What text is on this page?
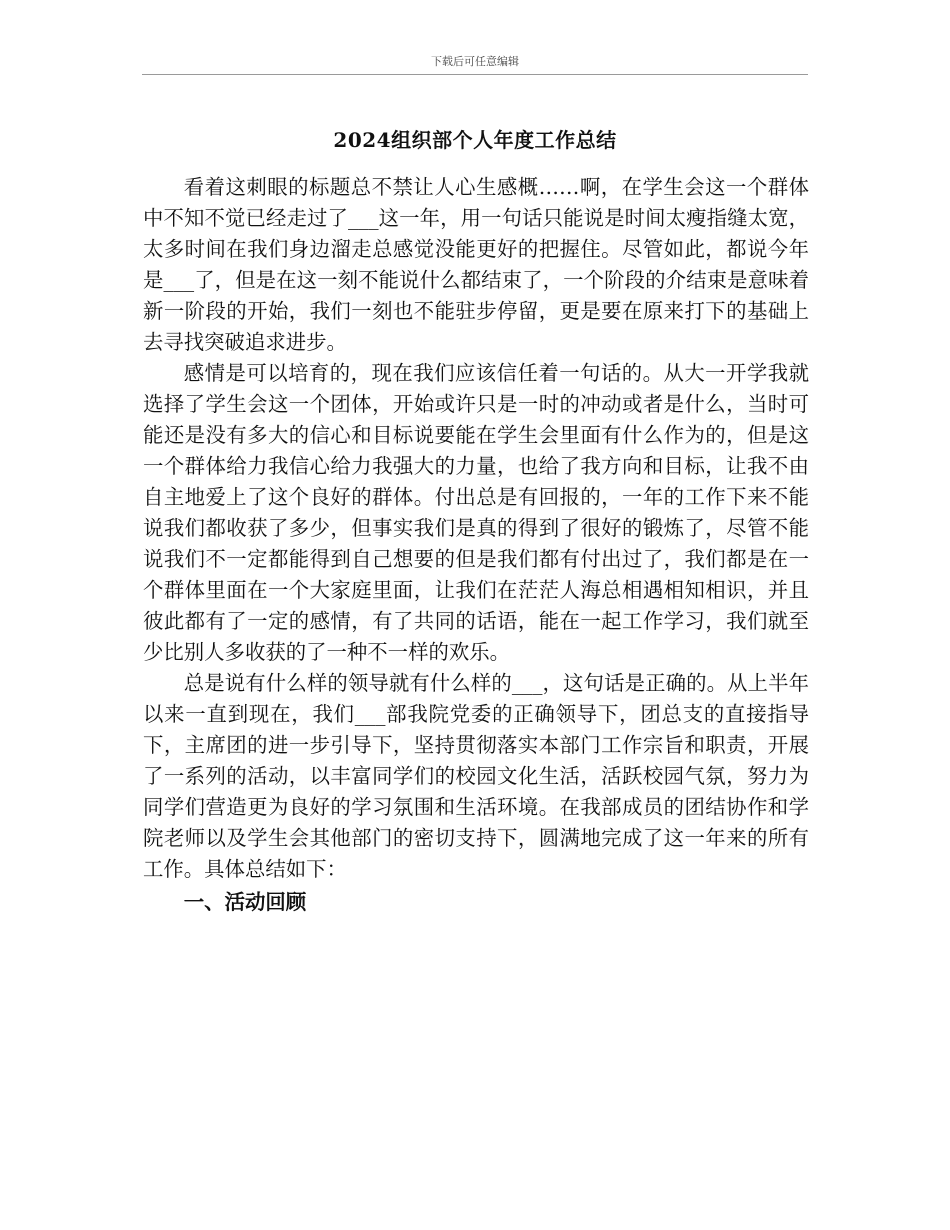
下载后可任意编辑
2024组织部个人年度工作总结

看着这刺眼的标题总不禁让人心生感概……啊，在学生会这一个群体中不知不觉已经走过了___这一年，用一句话只能说是时间太瘦指缝太宽，太多时间在我们身边溜走总感觉没能更好的把握住。尽管如此，都说今年是___了，但是在这一刻不能说什么都结束了，一个阶段的介结束是意味着新一阶段的开始，我们一刻也不能驻步停留，更是要在原来打下的基础上去寻找突破追求进步。

感情是可以培育的，现在我们应该信任着一句话的。从大一开学我就选择了学生会这一个团体，开始或许只是一时的冲动或者是什么，当时可能还是没有多大的信心和目标说要能在学生会里面有什么作为的，但是这一个群体给力我信心给力我强大的力量，也给了我方向和目标，让我不由自主地爱上了这个良好的群体。付出总是有回报的，一年的工作下来不能说我们都收获了多少，但事实我们是真的得到了很好的锻炼了，尽管不能说我们不一定都能得到自己想要的但是我们都有付出过了，我们都是在一个群体里面在一个大家庭里面，让我们在茫茫人海总相遇相知相识，并且彼此都有了一定的感情，有了共同的话语，能在一起工作学习，我们就至少比别人多收获的了一种不一样的欢乐。

总是说有什么样的领导就有什么样的___，这句话是正确的。从上半年以来一直到现在，我们___部我院党委的正确领导下，团总支的直接指导下，主席团的进一步引导下，坚持贯彻落实本部门工作宗旨和职责，开展了一系列的活动，以丰富同学们的校园文化生活，活跃校园气氛，努力为同学们营造更为良好的学习氛围和生活环境。在我部成员的团结协作和学院老师以及学生会其他部门的密切支持下，圆满地完成了这一年来的所有工作。具体总结如下：

一、活动回顾
